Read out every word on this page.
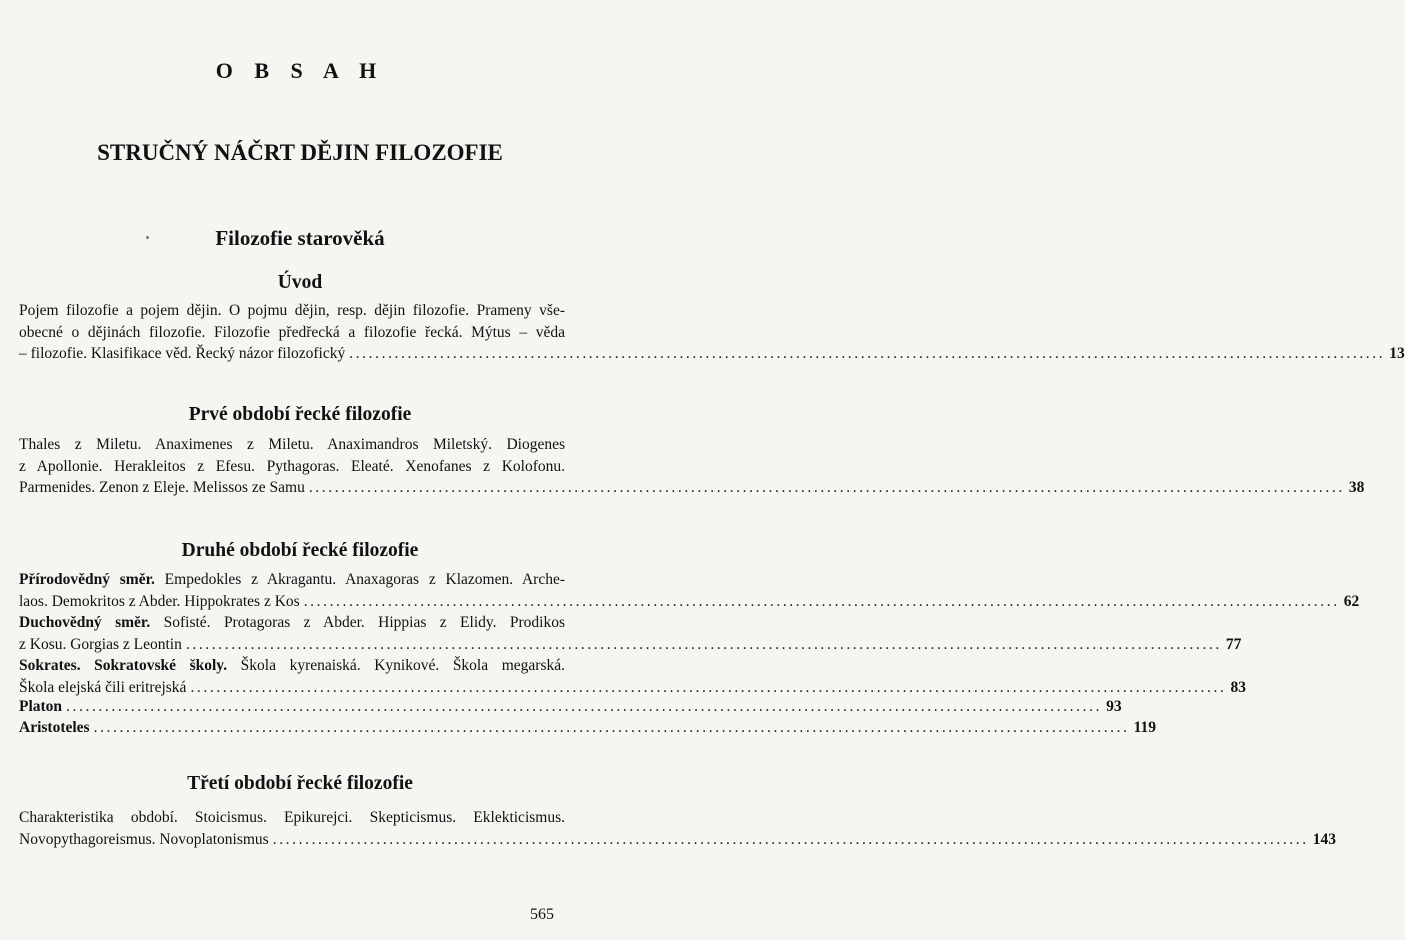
O B S A H
STRUČNÝ NÁČRT DĚJIN FILOZOFIE
Filozofie starověká
Úvod
Pojem filozofie a pojem dějin. O pojmu dějin, resp. dějin filozofie. Prameny vše-
obecné o dějinách filozofie. Filozofie předřecká a filozofie řecká. Mýtus – věda
– filozofie. Klasifikace věd. Řecký názor filozofický ................................................................................................................................................................ 13
Prvé období řecké filozofie
Thales z Miletu. Anaximenes z Miletu. Anaximandros Miletský. Diogenes
z Apollonie. Herakleitos z Efesu. Pythagoras. Eleaté. Xenofanes z Kolofonu.
Parmenides. Zenon z Eleje. Melissos ze Samu ................................................................................................................................................................ 38
Druhé období řecké filozofie
Přírodovědný směr. Empedokles z Akragantu. Anaxagoras z Klazomen. Arche-
laos. Demokritos z Abder. Hippokrates z Kos ................................................................................................................................................................ 62
Duchovědný směr. Sofisté. Protagoras z Abder. Hippias z Elidy. Prodikos
z Kosu. Gorgias z Leontin ................................................................................................................................................................ 77
Sokrates. Sokratovské školy. Škola kyrenaiská. Kynikové. Škola megarská.
Škola elejská čili eritrejská ................................................................................................................................................................ 83
Platon ................................................................................................................................................................ 93
Aristoteles ................................................................................................................................................................ 119
Třetí období řecké filozofie
Charakteristika období. Stoicismus. Epikurejci. Skepticismus. Eklekticismus.
Novopythagoreismus. Novoplatonismus ................................................................................................................................................................ 143
565
